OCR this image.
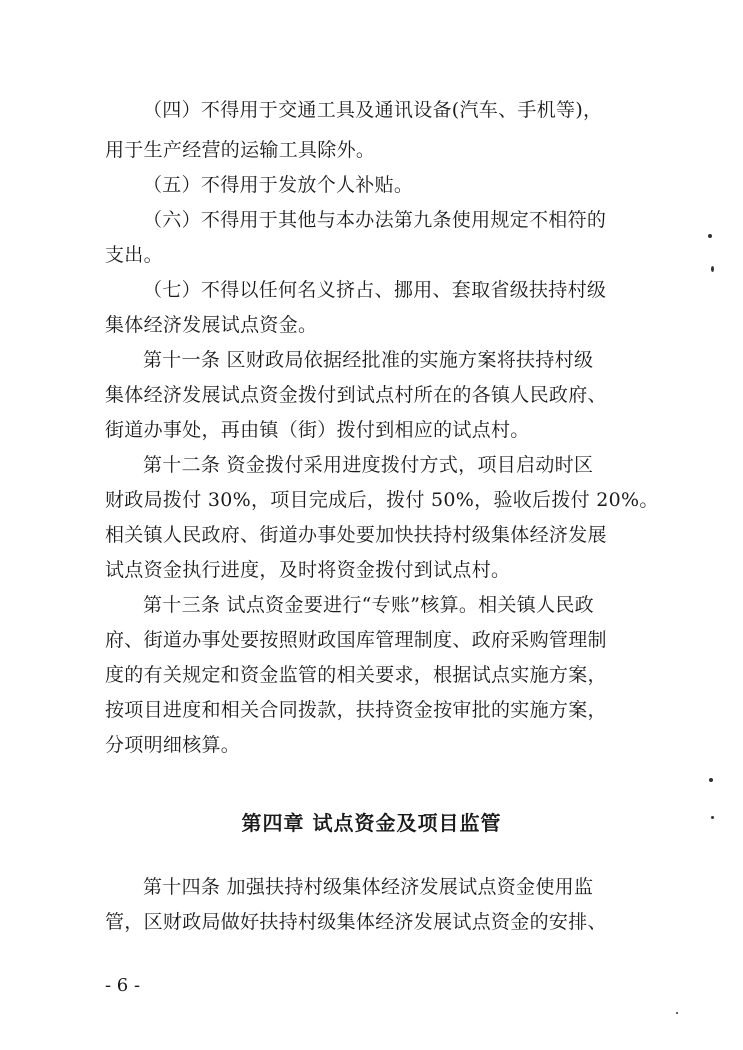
（四）不得用于交通工具及通讯设备(汽车、手机等)，
用于生产经营的运输工具除外。
（五）不得用于发放个人补贴。
（六）不得用于其他与本办法第九条使用规定不相符的
支出。
（七）不得以任何名义挤占、挪用、套取省级扶持村级
集体经济发展试点资金。
第十一条 区财政局依据经批准的实施方案将扶持村级
集体经济发展试点资金拨付到试点村所在的各镇人民政府、
街道办事处，再由镇（街）拨付到相应的试点村。
第十二条 资金拨付采用进度拨付方式，项目启动时区
财政局拨付 30%，项目完成后，拨付 50%，验收后拨付 20%。
相关镇人民政府、街道办事处要加快扶持村级集体经济发展
试点资金执行进度，及时将资金拨付到试点村。
第十三条 试点资金要进行“专账”核算。相关镇人民政
府、街道办事处要按照财政国库管理制度、政府采购管理制
度的有关规定和资金监管的相关要求，根据试点实施方案，
按项目进度和相关合同拨款，扶持资金按审批的实施方案，
分项明细核算。
第四章 试点资金及项目监管
第十四条 加强扶持村级集体经济发展试点资金使用监
管，区财政局做好扶持村级集体经济发展试点资金的安排、
- 6 -
